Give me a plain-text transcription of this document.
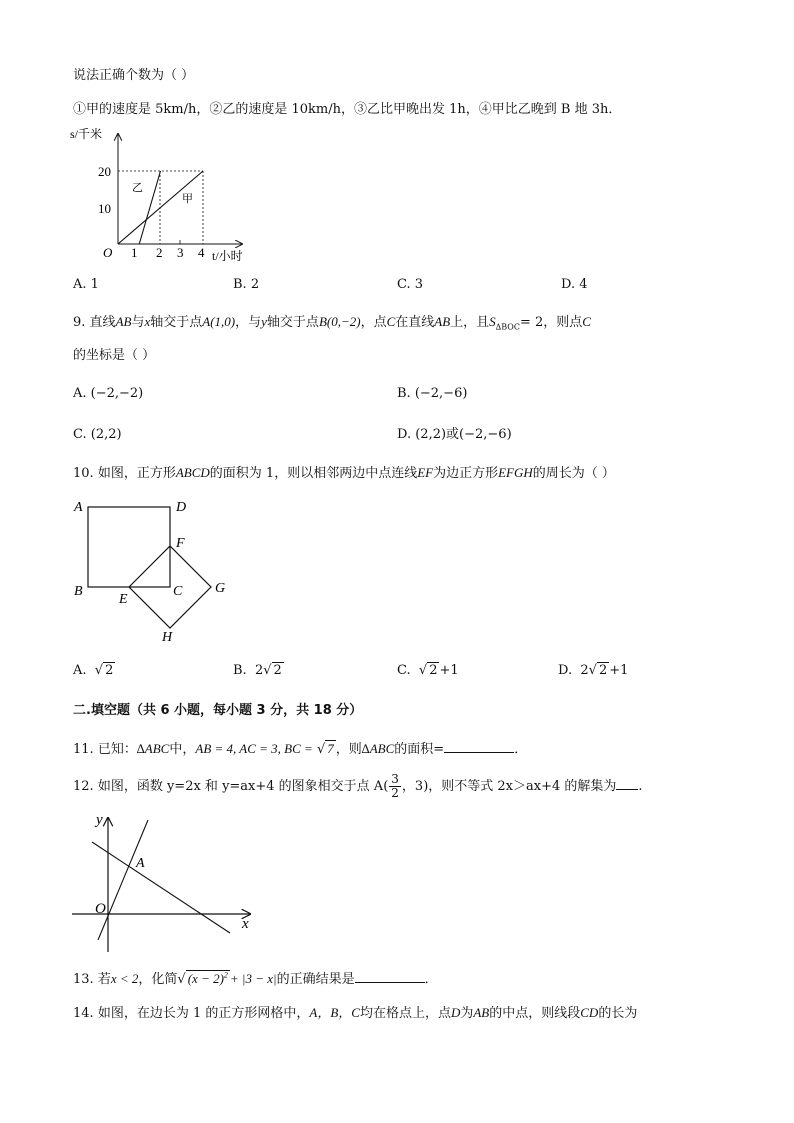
说法正确个数为（ ）
①甲的速度是 5km/h，②乙的速度是 10km/h，③乙比甲晚出发 1h，④甲比乙晚到 B 地 3h．
s/千米
20
10
O 1 2 3 4 t/小时
乙
甲
A. 1	B. 2	C. 3	D. 4
9. 直线AB与x轴交于点A(1,0)，与y轴交于点B(0,−2)，点C在直线AB上，且$S_{\Delta BOC}= 2$，则点C
的坐标是（ ）
A. (−2,−2)	B. (−2,−6)
C. (2,2)	D. (2,2)或(−2,−6)
10. 如图，正方形ABCD的面积为 1，则以相邻两边中点连线EF为边正方形EFGH的周长为（ ）
A	D
F
B
E
C G
H
A.  √ 2	B. 2√ 2	C.  √ 2 +1	D. 2√ 2 +1
二.填空题（共 6 小题，每小题 3 分，共 18 分）
11. 已知：∆ABC中，AB = 4, AC = 3, BC = √ 7 ，则∆ABC的面积=	．
12. 如图，函数 y=2x 和 y=ax+4 的图象相交于点 $A( \frac{3}{2}$ ，3)，则不等式 2x＞ax+4 的解集为 .
y
x
O
A
13. 若x < 2，化简√ $(x - 2)^2 + |3 - x|$的正确结果是	．
14. 如图，在边长为 1 的正方形网格中，A，B，C均在格点上，点D为AB的中点，则线段CD的长为
